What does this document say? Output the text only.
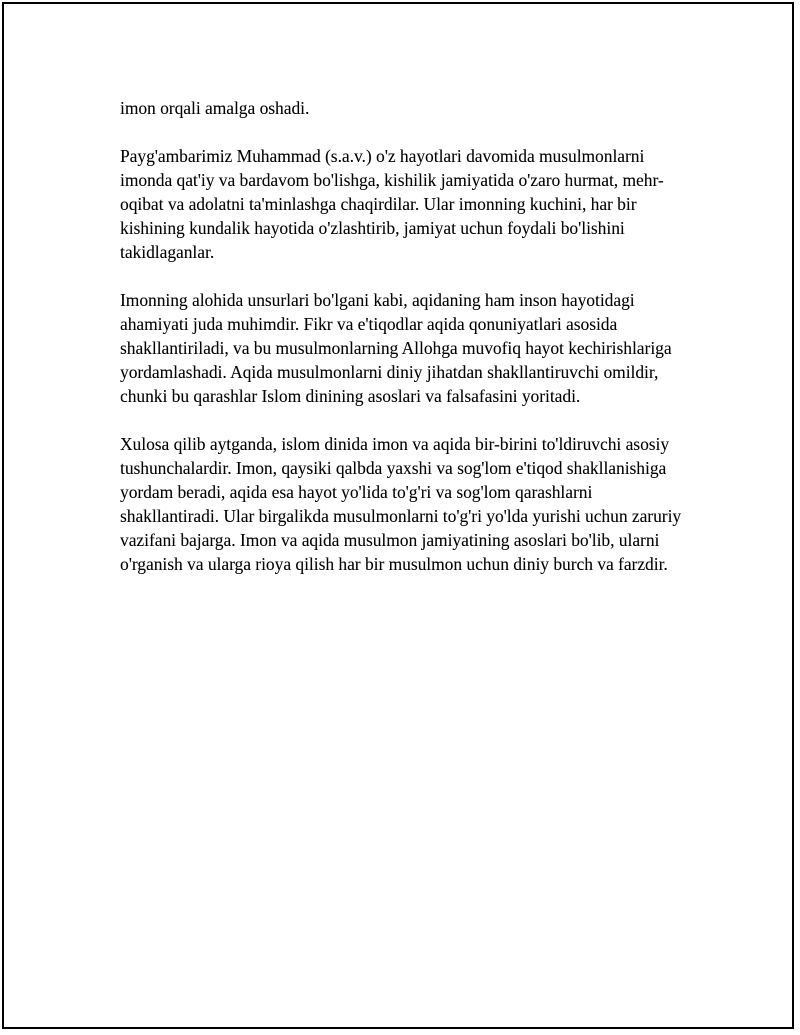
imon orqali amalga oshadi.

Payg'ambarimiz Muhammad (s.a.v.) o'z hayotlari davomida musulmonlarni imonda qat'iy va bardavom bo'lishga, kishilik jamiyatida o'zaro hurmat, mehr-oqibat va adolatni ta'minlashga chaqirdilar. Ular imonning kuchini, har bir kishining kundalik hayotida o'zlashtirib, jamiyat uchun foydali bo'lishini takidlaganlar.

Imonning alohida unsurlari bo'lgani kabi, aqidaning ham inson hayotidagi ahamiyati juda muhimdir. Fikr va e'tiqodlar aqida qonuniyatlari asosida shakllantiriladi, va bu musulmonlarning Allohga muvofiq hayot kechirishlariga yordamlashadi. Aqida musulmonlarni diniy jihatdan shakllantiruvchi omildir, chunki bu qarashlar Islom dinining asoslari va falsafasini yoritadi.

Xulosa qilib aytganda, islom dinida imon va aqida bir-birini to'ldiruvchi asosiy tushunchalardir. Imon, qaysiki qalbda yaxshi va sog'lom e'tiqod shakllanishiga yordam beradi, aqida esa hayot yo'lida to'g'ri va sog'lom qarashlarni shakllantiradi. Ular birgalikda musulmonlarni to'g'ri yo'lda yurishi uchun zaruriy vazifani bajarga. Imon va aqida musulmon jamiyatining asoslari bo'lib, ularni o'rganish va ularga rioya qilish har bir musulmon uchun diniy burch va farzdir.
